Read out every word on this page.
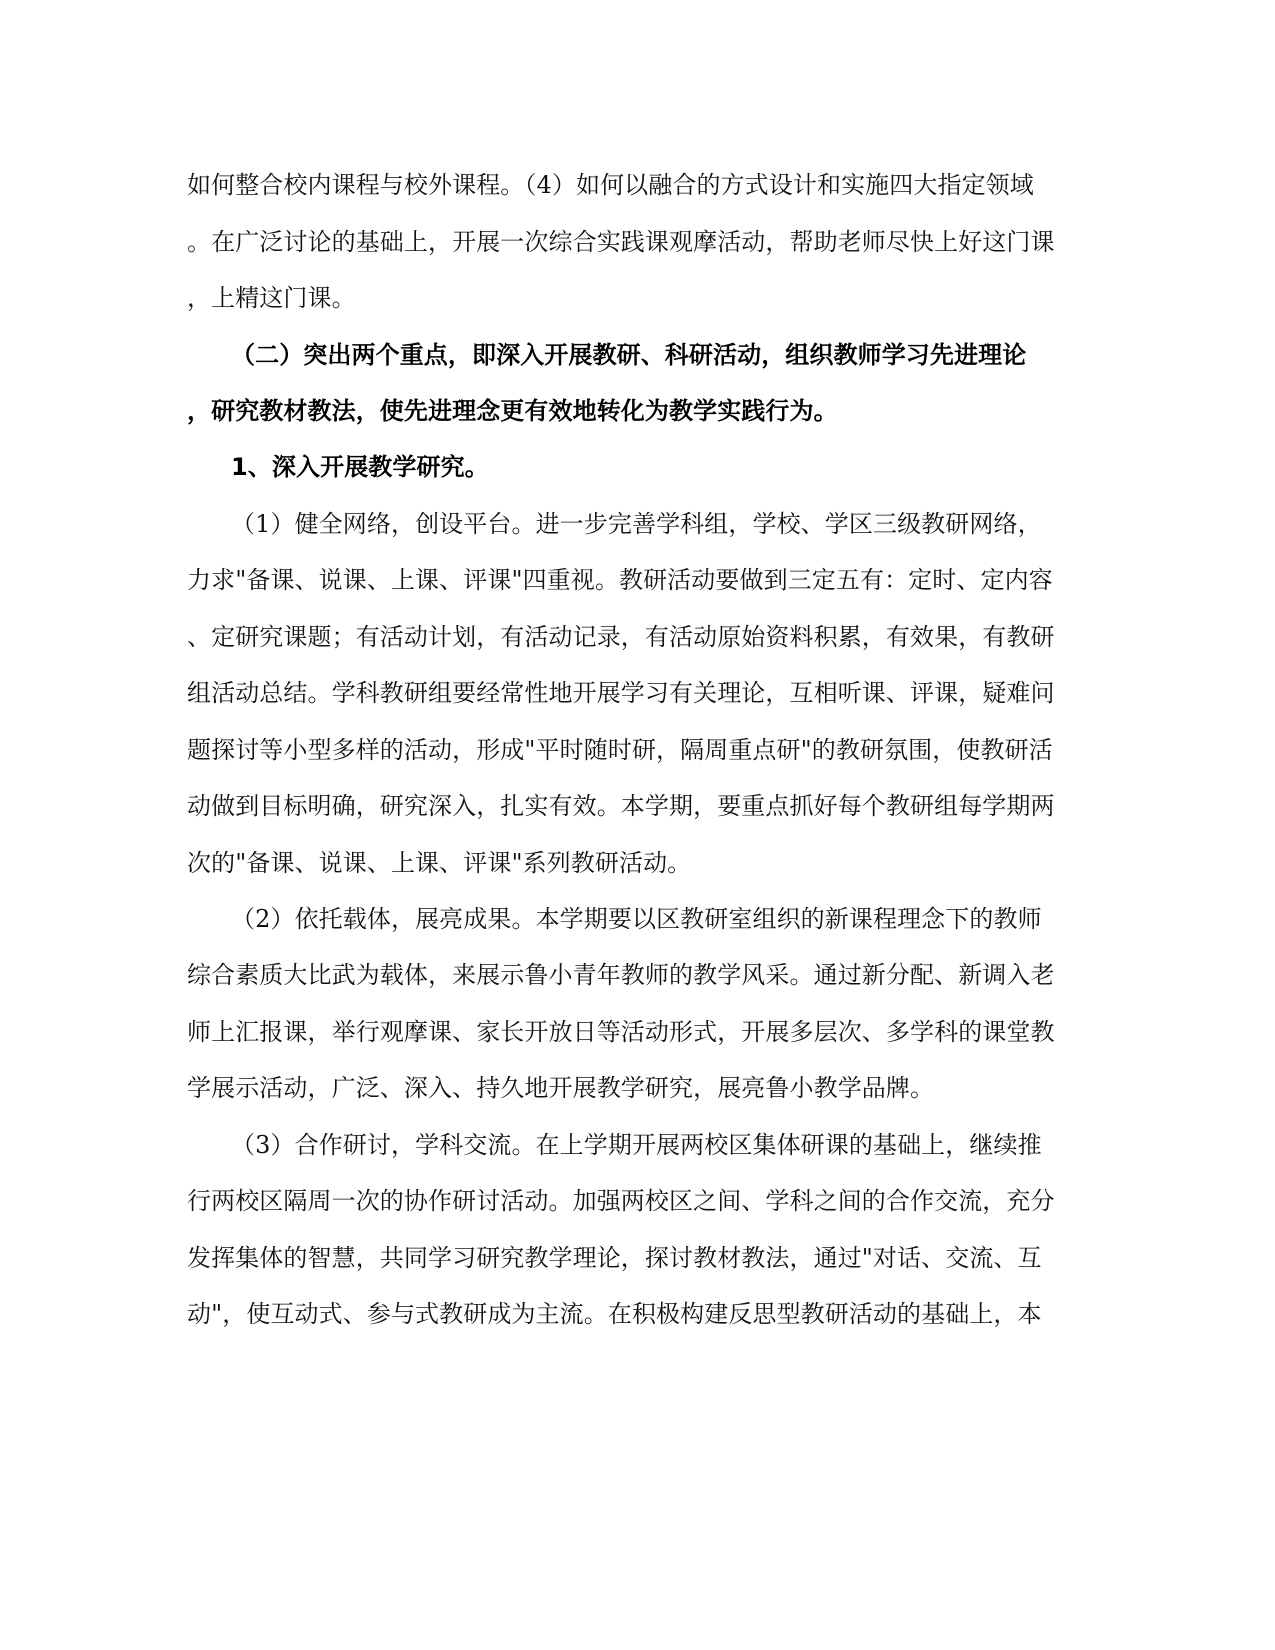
如何整合校内课程与校外课程。（4）如何以融合的方式设计和实施四大指定领域
。在广泛讨论的基础上，开展一次综合实践课观摩活动，帮助老师尽快上好这门课
，上精这门课。
（二）突出两个重点，即深入开展教研、科研活动，组织教师学习先进理论
，研究教材教法，使先进理念更有效地转化为教学实践行为。
1、深入开展教学研究。
（1）健全网络，创设平台。进一步完善学科组，学校、学区三级教研网络，
力求"备课、说课、上课、评课"四重视。教研活动要做到三定五有：定时、定内容
、定研究课题；有活动计划，有活动记录，有活动原始资料积累，有效果，有教研
组活动总结。学科教研组要经常性地开展学习有关理论，互相听课、评课，疑难问
题探讨等小型多样的活动，形成"平时随时研，隔周重点研"的教研氛围，使教研活
动做到目标明确，研究深入，扎实有效。本学期，要重点抓好每个教研组每学期两
次的"备课、说课、上课、评课"系列教研活动。
（2）依托载体，展亮成果。本学期要以区教研室组织的新课程理念下的教师
综合素质大比武为载体，来展示鲁小青年教师的教学风采。通过新分配、新调入老
师上汇报课，举行观摩课、家长开放日等活动形式，开展多层次、多学科的课堂教
学展示活动，广泛、深入、持久地开展教学研究，展亮鲁小教学品牌。
（3）合作研讨，学科交流。在上学期开展两校区集体研课的基础上，继续推
行两校区隔周一次的协作研讨活动。加强两校区之间、学科之间的合作交流，充分
发挥集体的智慧，共同学习研究教学理论，探讨教材教法，通过"对话、交流、互
动"，使互动式、参与式教研成为主流。在积极构建反思型教研活动的基础上，本
